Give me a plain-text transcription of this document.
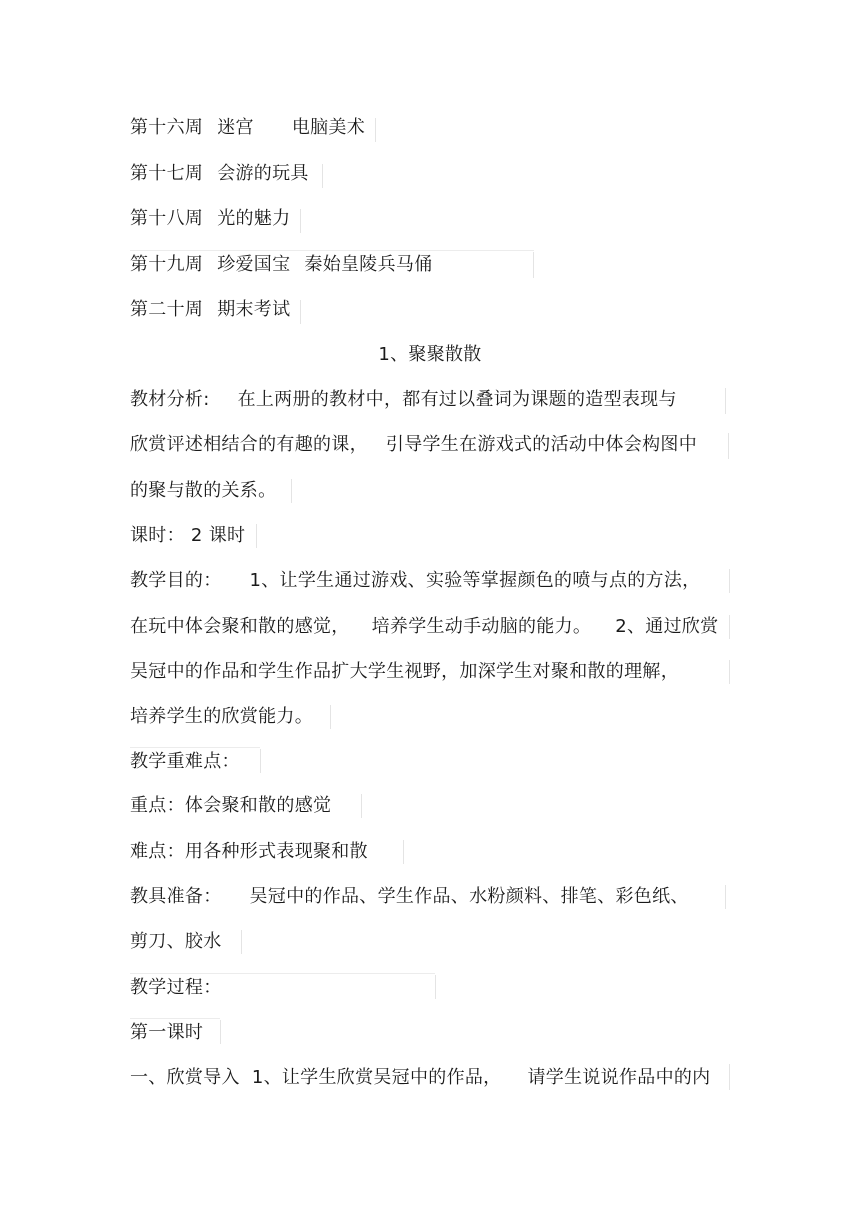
第十六周 迷宫 电脑美术
第十七周 会游的玩具
第十八周 光的魅力
第十九周 珍爱国宝 秦始皇陵兵马俑
第二十周 期末考试
1、聚聚散散
教材分析: 在上两册的教材中，都有过以叠词为课题的造型表现与
欣赏评述相结合的有趣的课， 引导学生在游戏式的活动中体会构图中
的聚与散的关系。
课时： 2 课时
教学目的： 1、让学生通过游戏、实验等掌握颜色的喷与点的方法，
在玩中体会聚和散的感觉， 培养学生动手动脑的能力。 2、通过欣赏
吴冠中的作品和学生作品扩大学生视野，加深学生对聚和散的理解，
培养学生的欣赏能力。
教学重难点：
重点：体会聚和散的感觉
难点：用各种形式表现聚和散
教具准备： 吴冠中的作品、学生作品、水粉颜料、排笔、彩色纸、
剪刀、胶水
教学过程：
第一课时
一、欣赏导入 1、让学生欣赏吴冠中的作品， 请学生说说作品中的内
